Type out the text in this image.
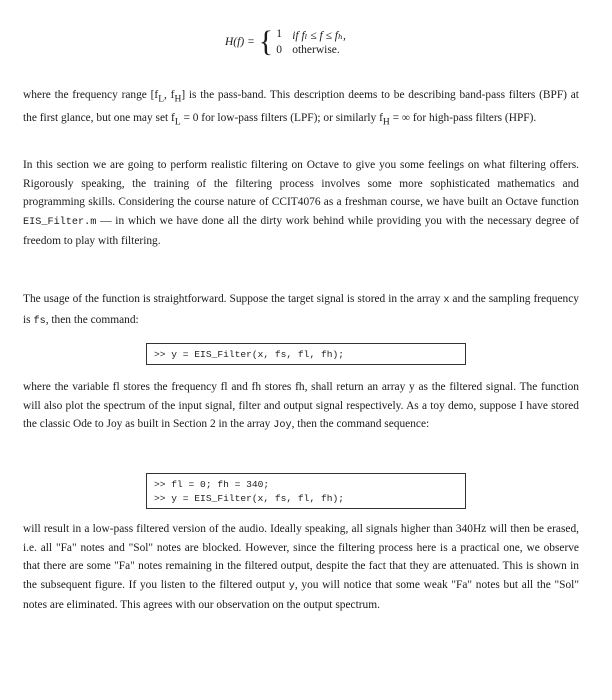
H(f) = { 1 if fₗ ≤ f ≤ fₕ,
0 otherwise.

where the frequency range [$f_L$, $f_H$] is the pass-band. This description deems to be describing band-pass filters (BPF) at the first glance, but one may set $f_L = 0$ for low-pass filters (LPF); or similarly $f_H$ = ∞ for high-pass filters (HPF).

In this section we are going to perform realistic filtering on Octave to give you some feelings on what filtering offers. Rigorously speaking, the training of the filtering process involves some more sophisticated mathematics and programming skills. Considering the course nature of CCIT4076 as a freshman course, we have built an Octave function EIS_Filter.m — in which we have done all the dirty work behind while providing you with the necessary degree of freedom to play with filtering.

The usage of the function is straightforward. Suppose the target signal is stored in the array x and the sampling frequency is fs, then the command:

>> y = EIS_Filter(x, fs, fl, fh);

where the variable fl stores the frequency fl and fh stores fh, shall return an array y as the filtered signal. The function will also plot the spectrum of the input signal, filter and output signal respectively. As a toy demo, suppose I have stored the classic Ode to Joy as built in Section 2 in the array Joy, then the command sequence:

>> fl = 0; fh = 340;
>> y = EIS_Filter(x, fs, fl, fh);

will result in a low-pass filtered version of the audio. Ideally speaking, all signals higher than 340Hz will then be erased, i.e. all "Fa" notes and "Sol" notes are blocked. However, since the filtering process here is a practical one, we observe that there are some "Fa" notes remaining in the filtered output, despite the fact that they are attenuated. This is shown in the subsequent figure. If you listen to the filtered output y, you will notice that some weak "Fa" notes but all the "Sol" notes are eliminated. This agrees with our observation on the output spectrum.
